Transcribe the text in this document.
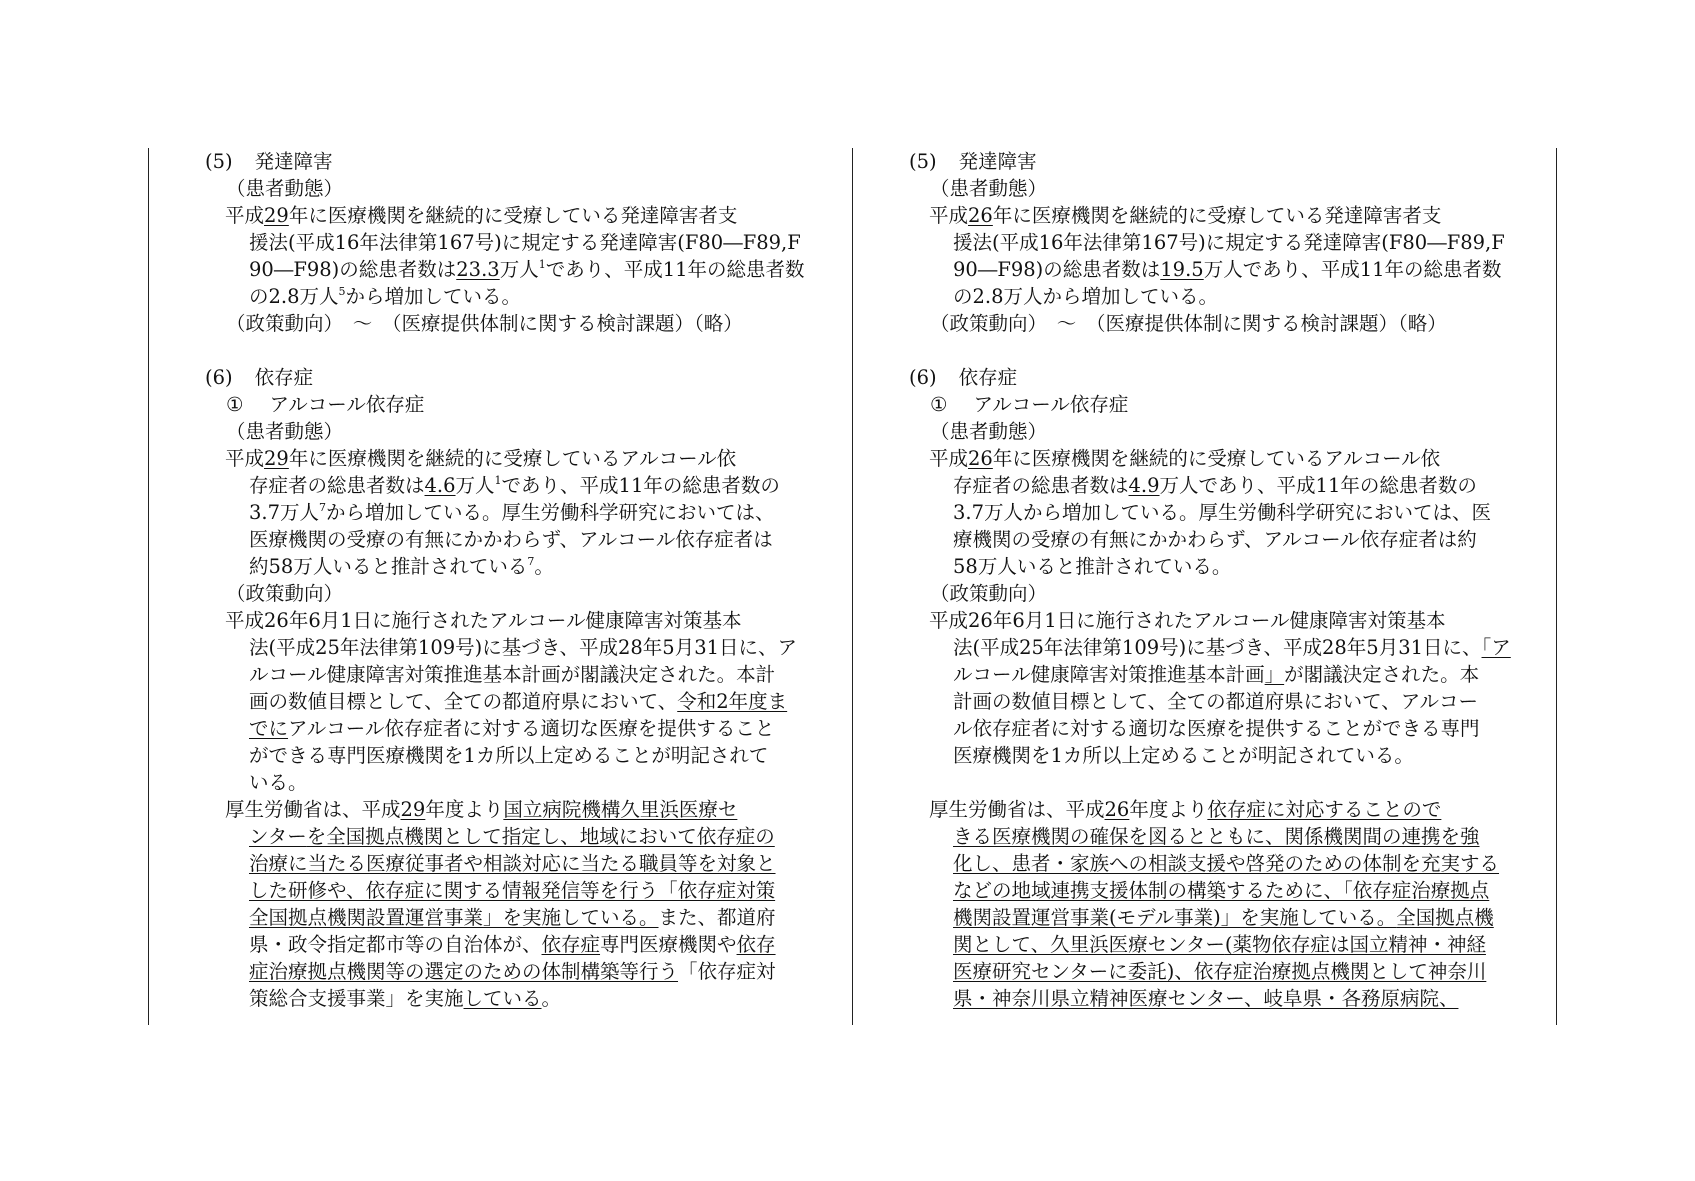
(5) 発達障害
（患者動態）
平成29年に医療機関を継続的に受療している発達障害者支
援法(平成16年法律第167号)に規定する発達障害(F80―F89,F
90―F98)の総患者数は23.3万人$^1$であり、平成11年の総患者数
の2.8万人$^5$から増加している。
（政策動向）　～　（医療提供体制に関する検討課題）（略）
(6) 依存症
① アルコール依存症
（患者動態）
平成29年に医療機関を継続的に受療しているアルコール依
存症者の総患者数は4.6万人$^1$であり、平成11年の総患者数の
3.7万人$^7$から増加している。厚生労働科学研究においては、
医療機関の受療の有無にかかわらず、アルコール依存症者は
約58万人いると推計されている$^7$。
（政策動向）
平成26年6月1日に施行されたアルコール健康障害対策基本
法(平成25年法律第109号)に基づき、平成28年5月31日に、ア
ルコール健康障害対策推進基本計画が閣議決定された。本計
画の数値目標として、全ての都道府県において、令和2年度ま
でにアルコール依存症者に対する適切な医療を提供すること
ができる専門医療機関を1カ所以上定めることが明記されて
いる。
厚生労働省は、平成29年度より国立病院機構久里浜医療セ
ンターを全国拠点機関として指定し、地域において依存症の
治療に当たる医療従事者や相談対応に当たる職員等を対象と
した研修や、依存症に関する情報発信等を行う「依存症対策
全国拠点機関設置運営事業」を実施している。また、都道府
県・政令指定都市等の自治体が、依存症専門医療機関や依存
症治療拠点機関等の選定のための体制構築等行う「依存症対
策総合支援事業」を実施している。
(5) 発達障害
（患者動態）
平成26年に医療機関を継続的に受療している発達障害者支
援法(平成16年法律第167号)に規定する発達障害(F80―F89,F
90―F98)の総患者数は19.5万人であり、平成11年の総患者数
の2.8万人から増加している。
（政策動向）　～　（医療提供体制に関する検討課題）（略）
(6) 依存症
① アルコール依存症
（患者動態）
平成26年に医療機関を継続的に受療しているアルコール依
存症者の総患者数は4.9万人であり、平成11年の総患者数の
3.7万人から増加している。厚生労働科学研究においては、医
療機関の受療の有無にかかわらず、アルコール依存症者は約
58万人いると推計されている。
（政策動向）
平成26年6月1日に施行されたアルコール健康障害対策基本
法(平成25年法律第109号)に基づき、平成28年5月31日に、「ア
ルコール健康障害対策推進基本計画」が閣議決定された。本
計画の数値目標として、全ての都道府県において、アルコー
ル依存症者に対する適切な医療を提供することができる専門
医療機関を1カ所以上定めることが明記されている。
厚生労働省は、平成26年度より依存症に対応することので
きる医療機関の確保を図るとともに、関係機関間の連携を強
化し、患者・家族への相談支援や啓発のための体制を充実する
などの地域連携支援体制の構築するために、「依存症治療拠点
機関設置運営事業(モデル事業)」を実施している。全国拠点機
関として、久里浜医療センター(薬物依存症は国立精神・神経
医療研究センターに委託)、依存症治療拠点機関として神奈川
県・神奈川県立精神医療センター、岐阜県・各務原病院、
